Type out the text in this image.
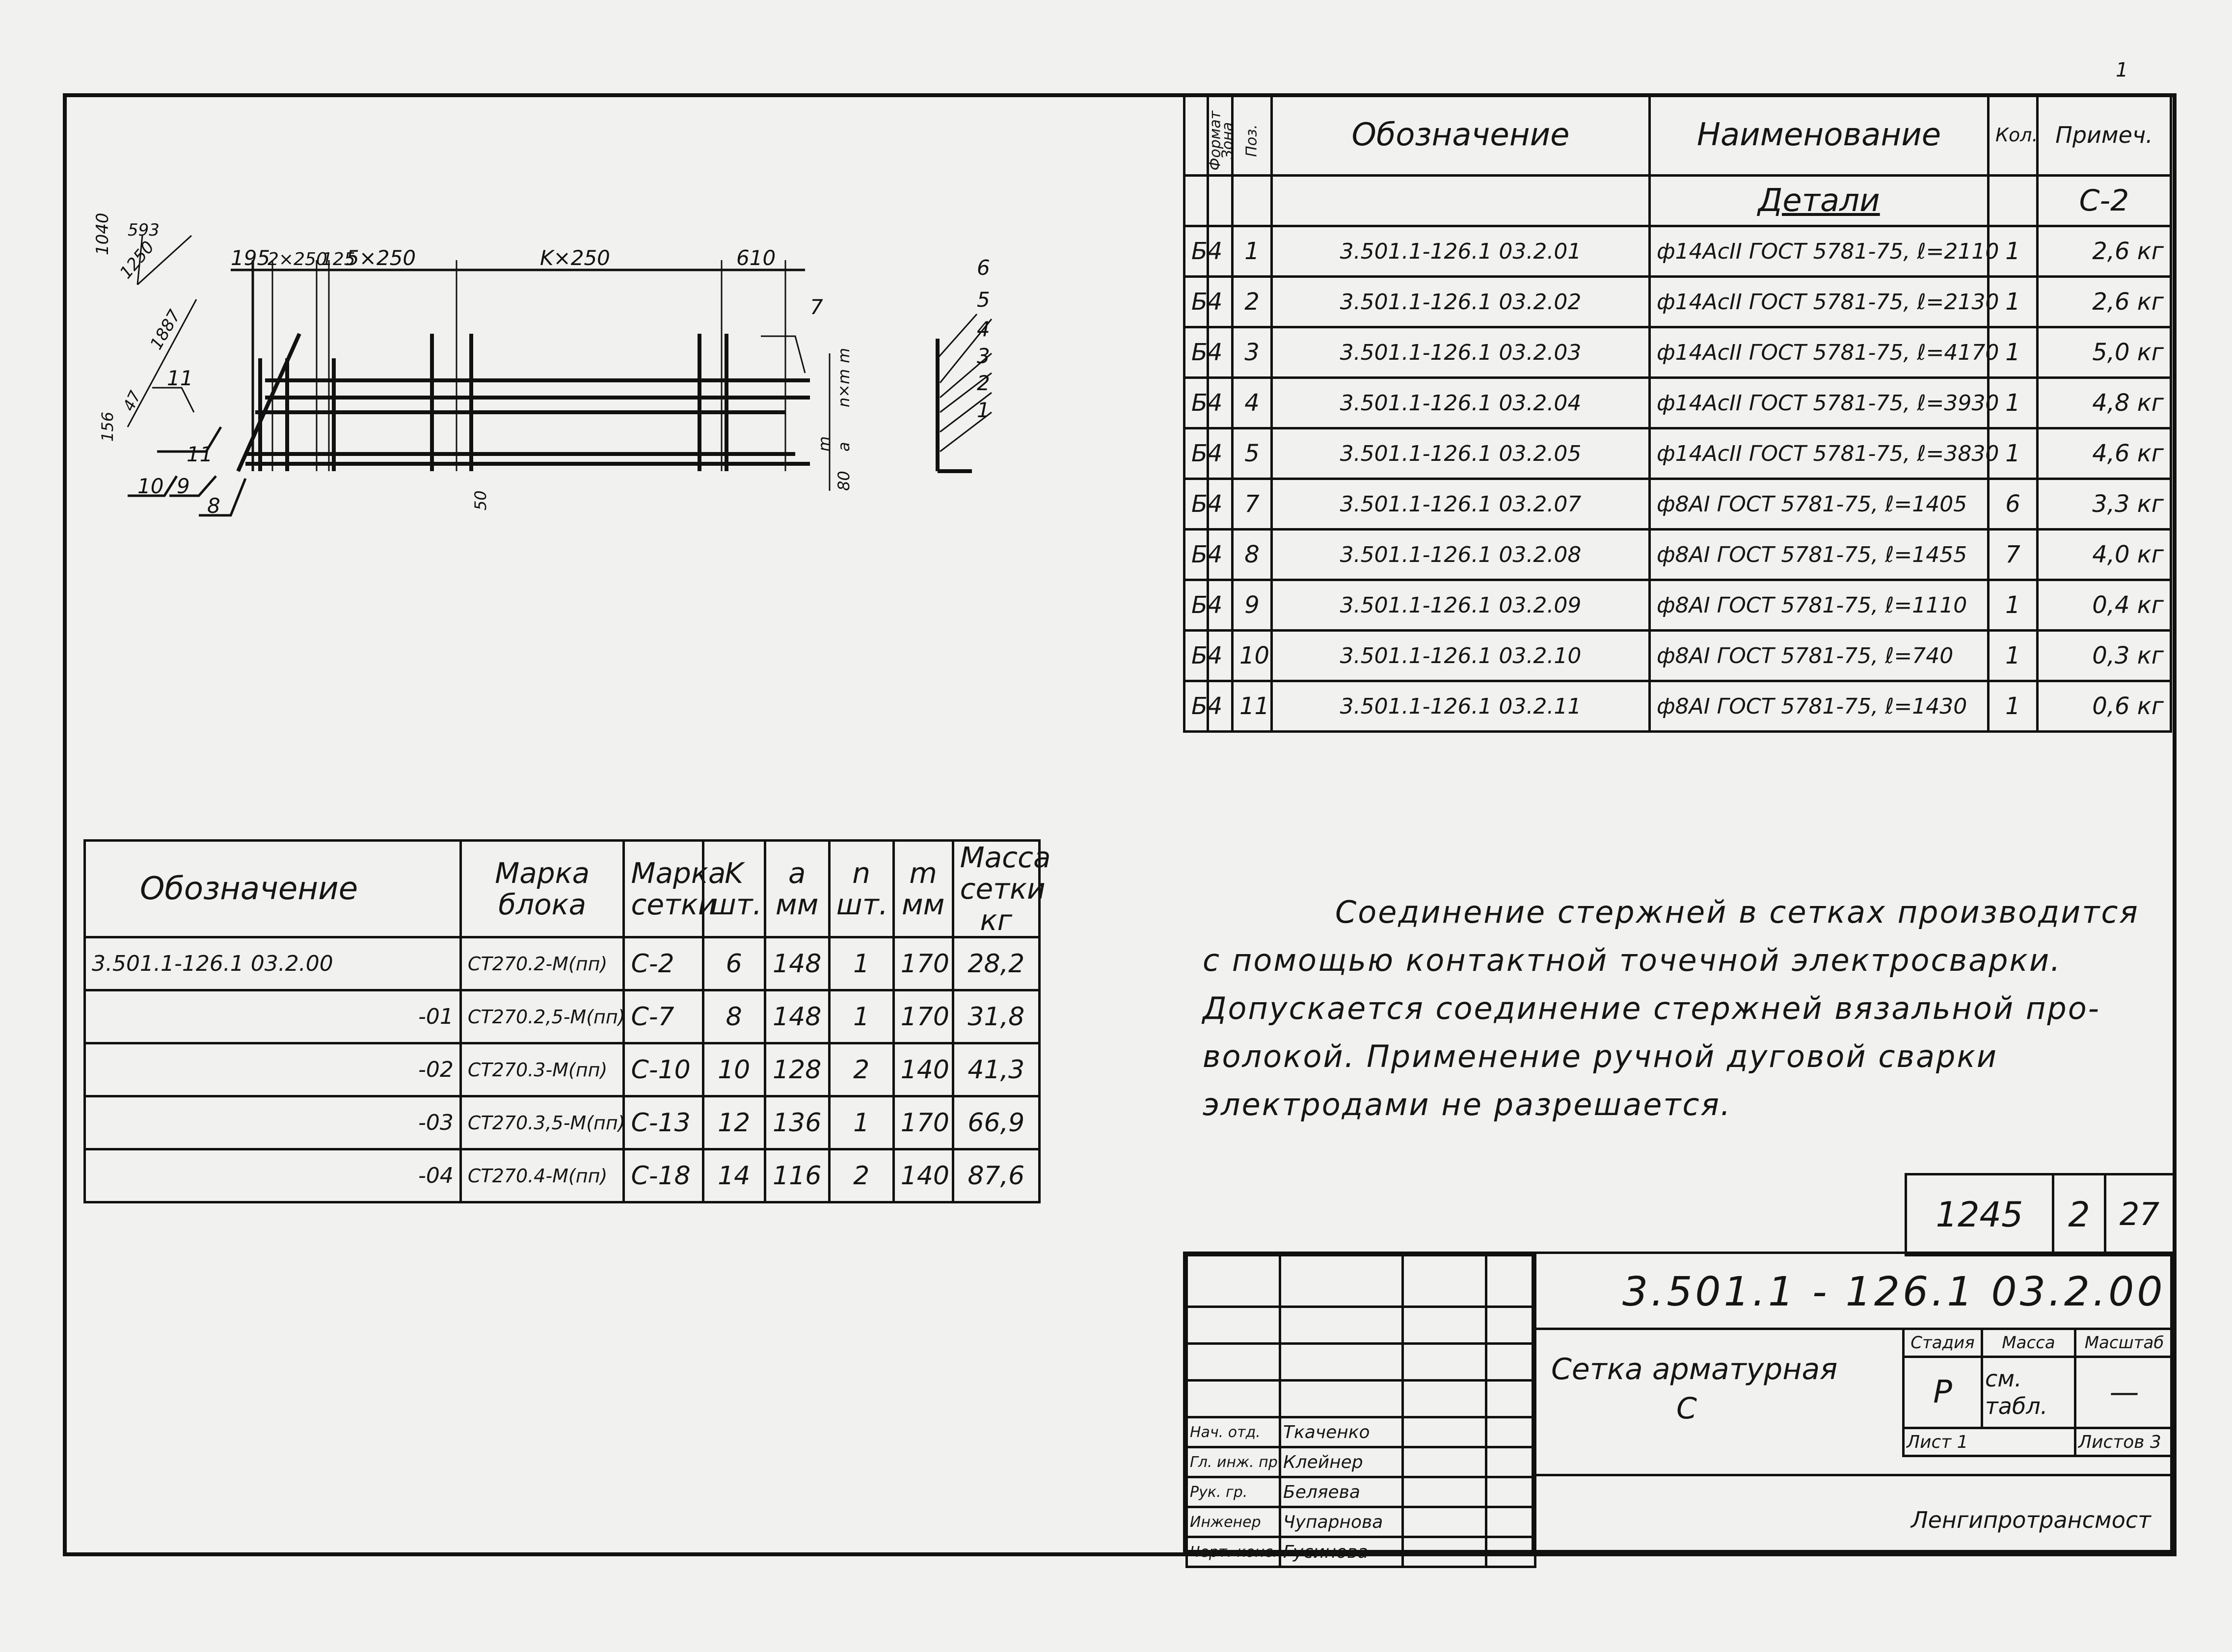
1
195
2×250
125
5×250	K×250	610
1040 593
1250
156
47
1887
m
n×m
a
m
80
50
11
11
10 9
8
7
6
5
4
3
2
1
Формат	Зона	Поз.	Обозначение	Наименование	Кол.	Примеч.
				Детали		С-2
Б4		1	3.501.1-126.1 03.2.01	ф14АсII ГОСТ 5781-75, ℓ=2110	1	2,6 кг
Б4		2	3.501.1-126.1 03.2.02	ф14АсII ГОСТ 5781-75, ℓ=2130	1	2,6 кг
Б4		3	3.501.1-126.1 03.2.03	ф14АсII ГОСТ 5781-75, ℓ=4170	1	5,0 кг
Б4		4	3.501.1-126.1 03.2.04	ф14АсII ГОСТ 5781-75, ℓ=3930	1	4,8 кг
Б4		5	3.501.1-126.1 03.2.05	ф14АсII ГОСТ 5781-75, ℓ=3830	1	4,6 кг
Б4		7	3.501.1-126.1 03.2.07	ф8АI ГОСТ 5781-75, ℓ=1405	6	3,3 кг
Б4		8	3.501.1-126.1 03.2.08	ф8АI ГОСТ 5781-75, ℓ=1455	7	4,0 кг
Б4		9	3.501.1-126.1 03.2.09	ф8АI ГОСТ 5781-75, ℓ=1110	1	0,4 кг
Б4		10	3.501.1-126.1 03.2.10	ф8АI ГОСТ 5781-75, ℓ=740	1	0,3 кг
Б4		11	3.501.1-126.1 03.2.11	ф8АI ГОСТ 5781-75, ℓ=1430	1	0,6 кг
Обозначение	Марка блока	Марка сетки	K шт.	a мм	n шт.	m мм	Масса сетки кг
3.501.1-126.1 03.2.00	СТ270.2-М(пп)	С-2	6	148	1	170	28,2
-01	СТ270.2,5-М(пп)	С-7	8	148	1	170	31,8
-02	СТ270.3-М(пп)	С-10	10	128	2	140	41,3
-03	СТ270.3,5-М(пп)	С-13	12	136	1	170	66,9
-04	СТ270.4-М(пп)	С-18	14	116	2	140	87,6

Соединение стержней в сетках производится

с помощью контактной точечной электросварки.

Допускается соединение стержней вязальной про-

волокой. Применение ручной дуговой сварки

электродами не разрешается.

1245	2	27

Нач. отд.	Ткаченко		
Гл. инж. пр.	Клейнер		
Рук. гр.	Беляева		
Инженер	Чупарнова		
Черт.-конс.	Гусинова		
3.501.1 - 126.1 03.2.00
Сетка арматурная
С
Стадия	Масса	Масштаб
Р	см. табл.	—
Лист 1		Листов 3
Ленгипротрансмост
